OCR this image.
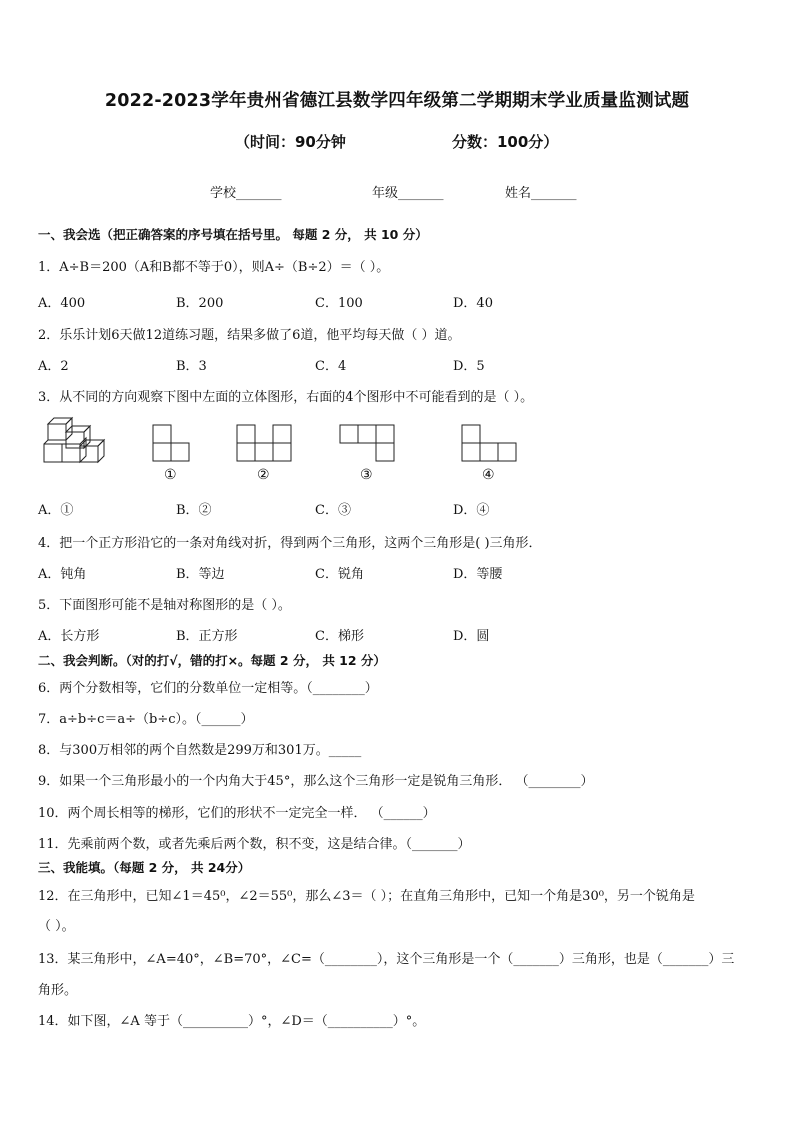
2022-2023学年贵州省德江县数学四年级第二学期期末学业质量监测试题
（时间：90分钟	分数：100分）
学校_______	年级_______	姓名_______
一、我会选（把正确答案的序号填在括号里。 每题 2 分， 共 10 分）
1．A÷B＝200（A和B都不等于0），则A÷（B÷2）＝（ ）。
A．400	B．200	C．100	D．40
2．乐乐计划6天做12道练习题，结果多做了6道，他平均每天做（ ）道。
A．2	B．3	C．4	D．5
3．从不同的方向观察下图中左面的立体图形，右面的4个图形中不可能看到的是（ ）。
①	②	③	④
A．①	B．②	C．③	D．④
4．把一个正方形沿它的一条对角线对折，得到两个三角形，这两个三角形是( )三角形．
A．钝角	B．等边	C．锐角	D．等腰
5．下面图形可能不是轴对称图形的是（ ）。
A．长方形	B．正方形	C．梯形	D．圆
二、我会判断。（对的打√，错的打×。每题 2 分， 共 12 分）
6．两个分数相等，它们的分数单位一定相等。（________）
7．a÷b÷c＝a÷（b÷c）。（______）
8．与300万相邻的两个自然数是299万和301万。_____
9．如果一个三角形最小的一个内角大于45°，那么这个三角形一定是锐角三角形． （________）
10．两个周长相等的梯形，它们的形状不一定完全一样． （______）
11．先乘前两个数，或者先乘后两个数，积不变，这是结合律。（_______）
三、我能填。（每题 2 分， 共 24分）
12．在三角形中，已知∠1＝45⁰，∠2＝55⁰，那么∠3＝（ ）；在直角三角形中，已知一个角是30⁰，另一个锐角是
（ ）。
13．某三角形中，∠A=40°，∠B=70°，∠C=（________），这个三角形是一个（_______）三角形，也是（_______）三
角形。
14．如下图，∠A 等于（__________）°，∠D＝（__________）°。
